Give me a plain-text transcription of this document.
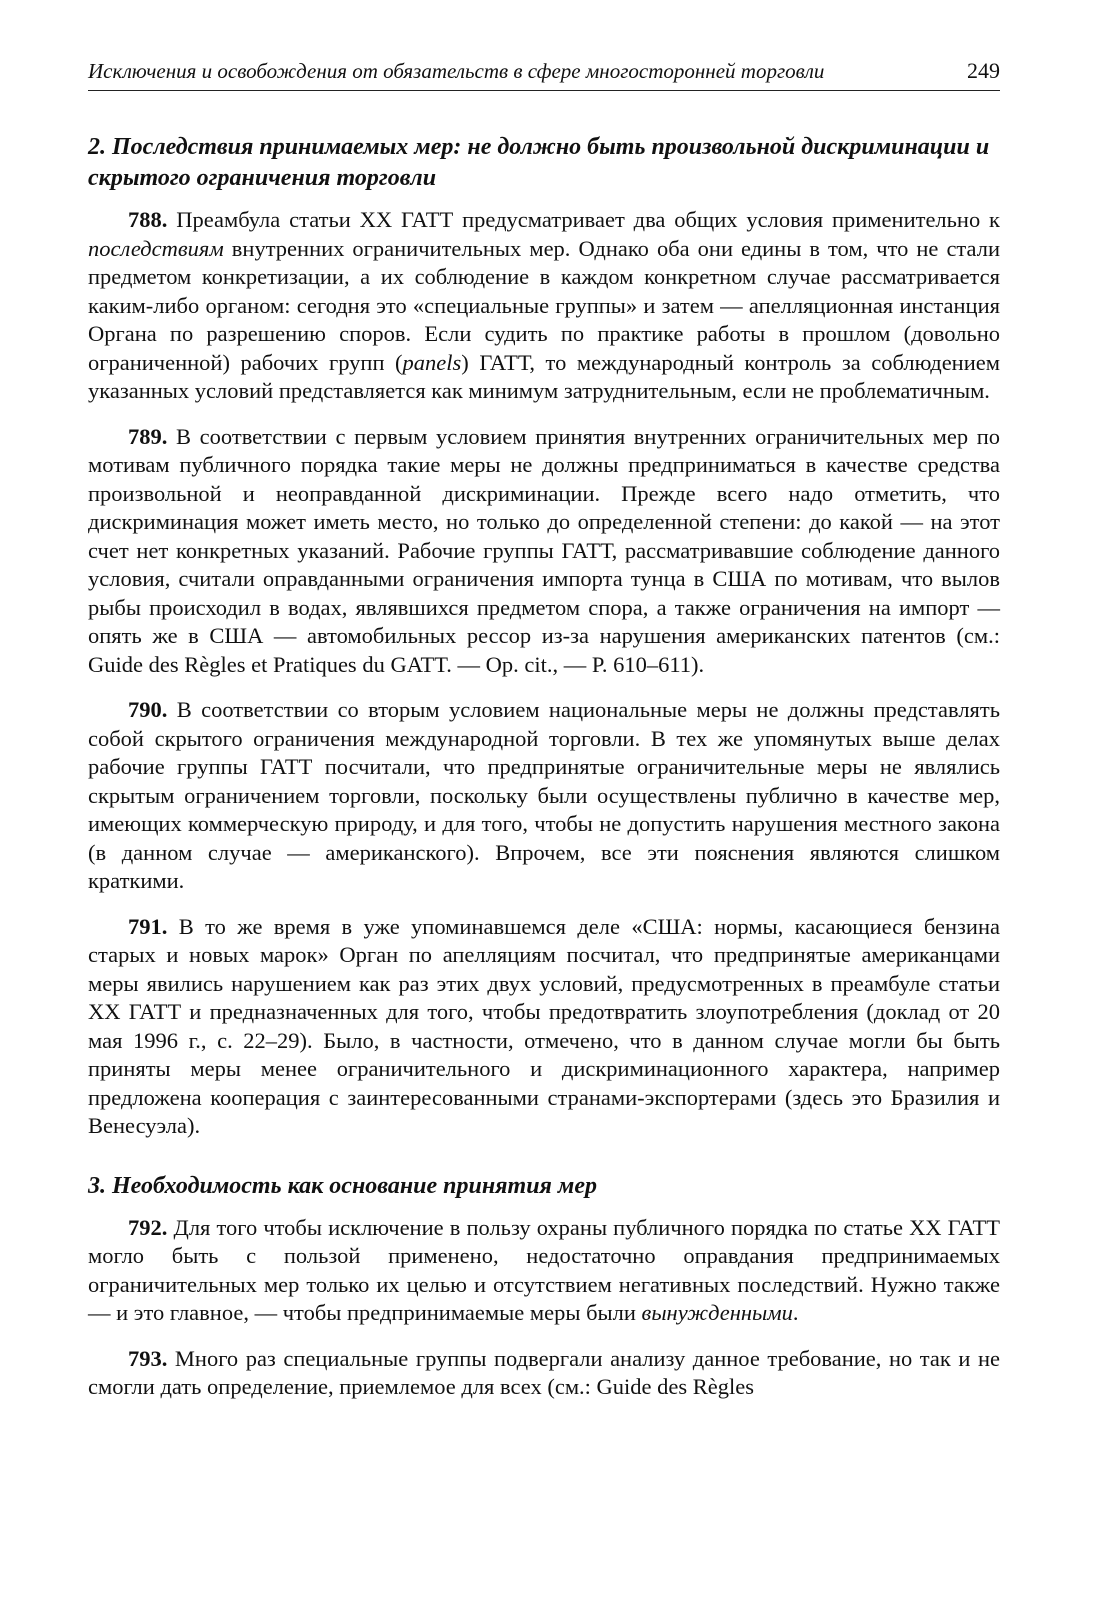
Исключения и освобождения от обязательств в сфере многосторонней торговли	249
2. Последствия принимаемых мер: не должно быть произвольной дискриминации и скрытого ограничения торговли

788. Преамбула статьи XX ГАТТ предусматривает два общих условия применительно к последствиям внутренних ограничительных мер. Однако оба они едины в том, что не стали предметом конкретизации, а их соблюдение в каждом конкретном случае рассматривается каким-либо органом: сегодня это «специальные группы» и затем — апелляционная инстанция Органа по разрешению споров. Если судить по практике работы в прошлом (довольно ограниченной) рабочих групп (panels) ГАТТ, то международный контроль за соблюдением указанных условий представляется как минимум затруднительным, если не проблематичным.

789. В соответствии с первым условием принятия внутренних ограничительных мер по мотивам публичного порядка такие меры не должны предприниматься в качестве средства произвольной и неоправданной дискриминации. Прежде всего надо отметить, что дискриминация может иметь место, но только до определенной степени: до какой — на этот счет нет конкретных указаний. Рабочие группы ГАТТ, рассматривавшие соблюдение данного условия, считали оправданными ограничения импорта тунца в США по мотивам, что вылов рыбы происходил в водах, являвшихся предметом спора, а также ограничения на импорт — опять же в США — автомобильных рессор из-за нарушения американских патентов (см.: Guide des Règles et Pratiques du GATT. — Op. cit., — P. 610–611).

790. В соответствии со вторым условием национальные меры не должны представлять собой скрытого ограничения международной торговли. В тех же упомянутых выше делах рабочие группы ГАТТ посчитали, что предпринятые ограничительные меры не являлись скрытым ограничением торговли, поскольку были осуществлены публично в качестве мер, имеющих коммерческую природу, и для того, чтобы не допустить нарушения местного закона (в данном случае — американского). Впрочем, все эти пояснения являются слишком краткими.

791. В то же время в уже упоминавшемся деле «США: нормы, касающиеся бензина старых и новых марок» Орган по апелляциям посчитал, что предпринятые американцами меры явились нарушением как раз этих двух условий, предусмотренных в преамбуле статьи XX ГАТТ и предназначенных для того, чтобы предотвратить злоупотребления (доклад от 20 мая 1996 г., с. 22–29). Было, в частности, отмечено, что в данном случае могли бы быть приняты меры менее ограничительного и дискриминационного характера, например предложена кооперация с заинтересованными странами-экспортерами (здесь это Бразилия и Венесуэла).

3. Необходимость как основание принятия мер

792. Для того чтобы исключение в пользу охраны публичного порядка по статье XX ГАТТ могло быть с пользой применено, недостаточно оправдания предпринимаемых ограничительных мер только их целью и отсутствием негативных последствий. Нужно также — и это главное, — чтобы предпринимаемые меры были вынужденными.

793. Много раз специальные группы подвергали анализу данное требование, но так и не смогли дать определение, приемлемое для всех (см.: Guide des Règles
